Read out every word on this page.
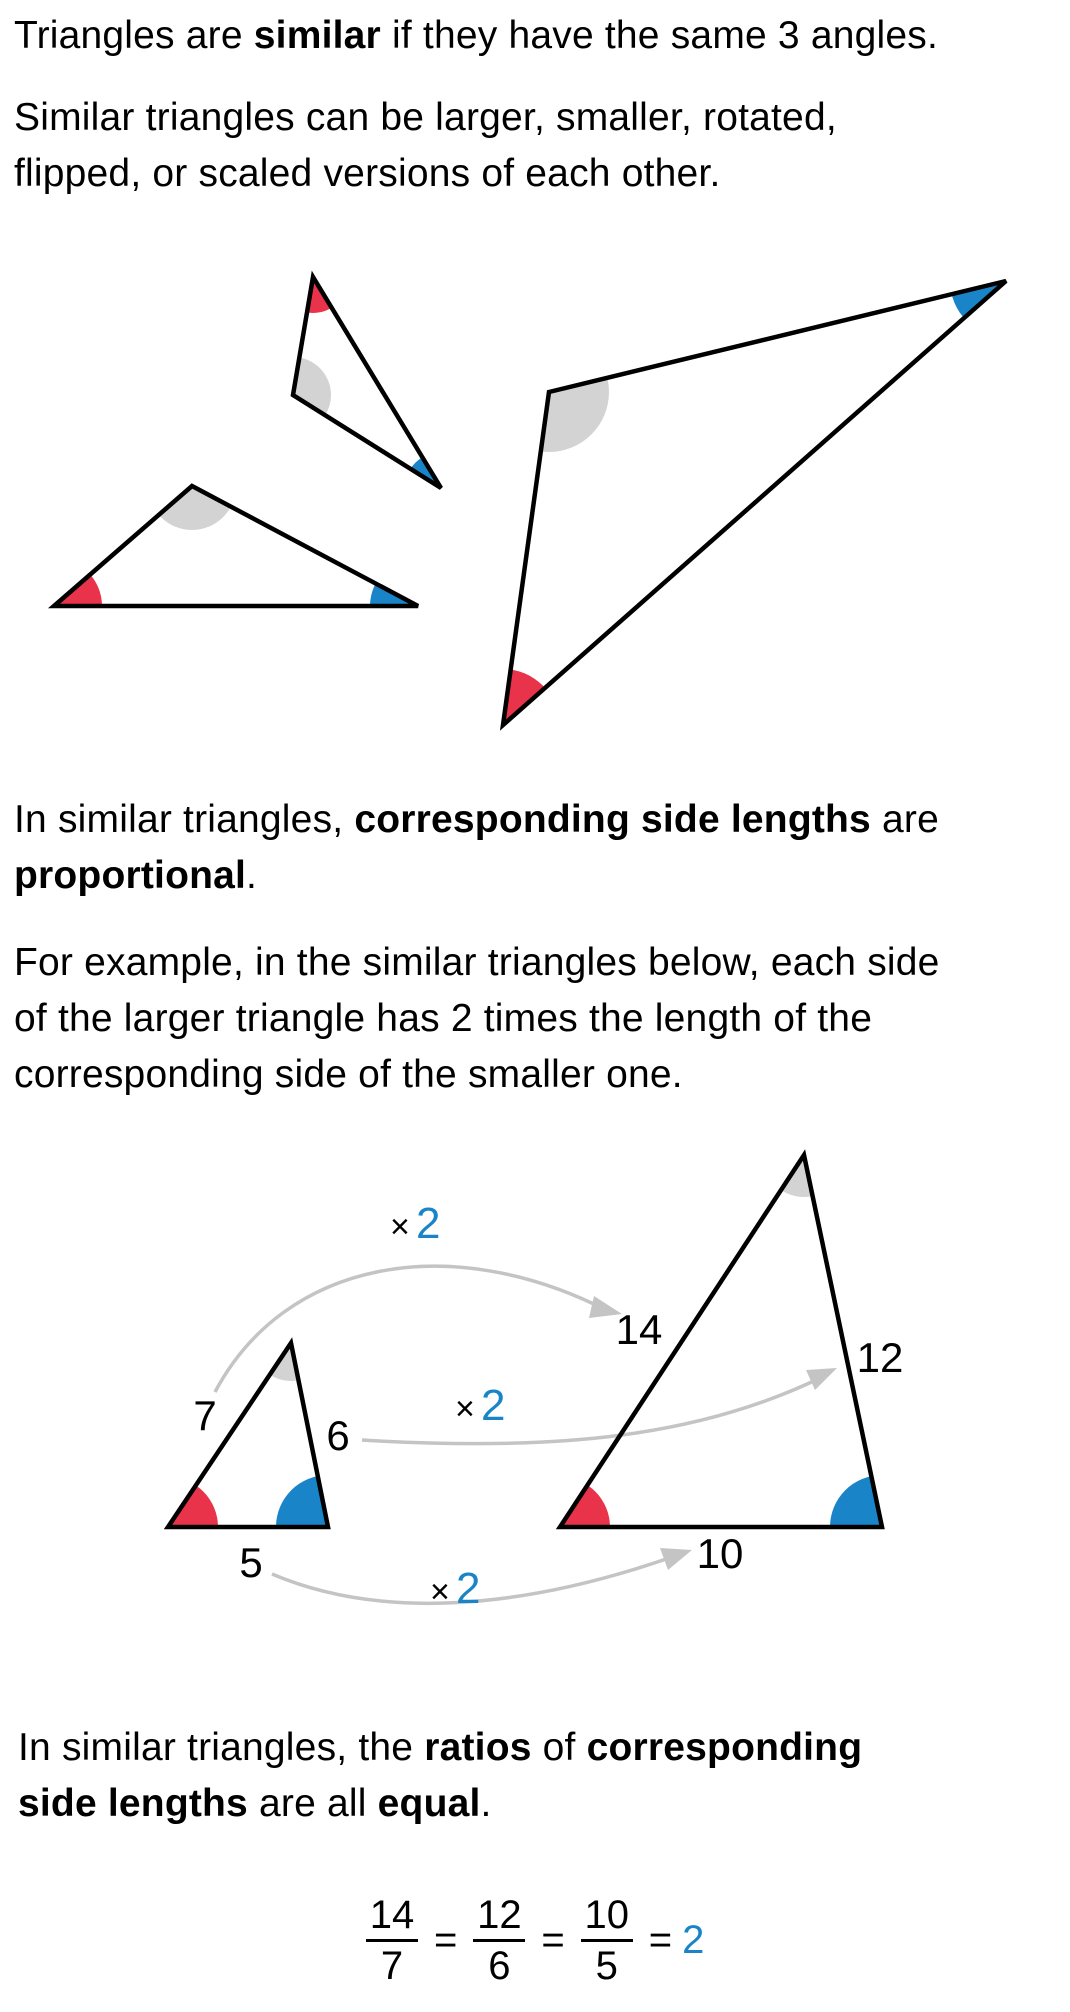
Triangles are similar if they have the same 3 angles.

Similar triangles can be larger, smaller, rotated,
flipped, or scaled versions of each other.

In similar triangles, corresponding side lengths are
proportional.

For example, in the similar triangles below, each side
of the larger triangle has 2 times the length of the
corresponding side of the smaller one.

7	6
5
14
12
10
× 2
× 2
× 2

In similar triangles, the ratios of corresponding
side lengths are all equal.

$\frac{14}{7} = \frac{12}{6} = \frac{10}{5} = 2$
